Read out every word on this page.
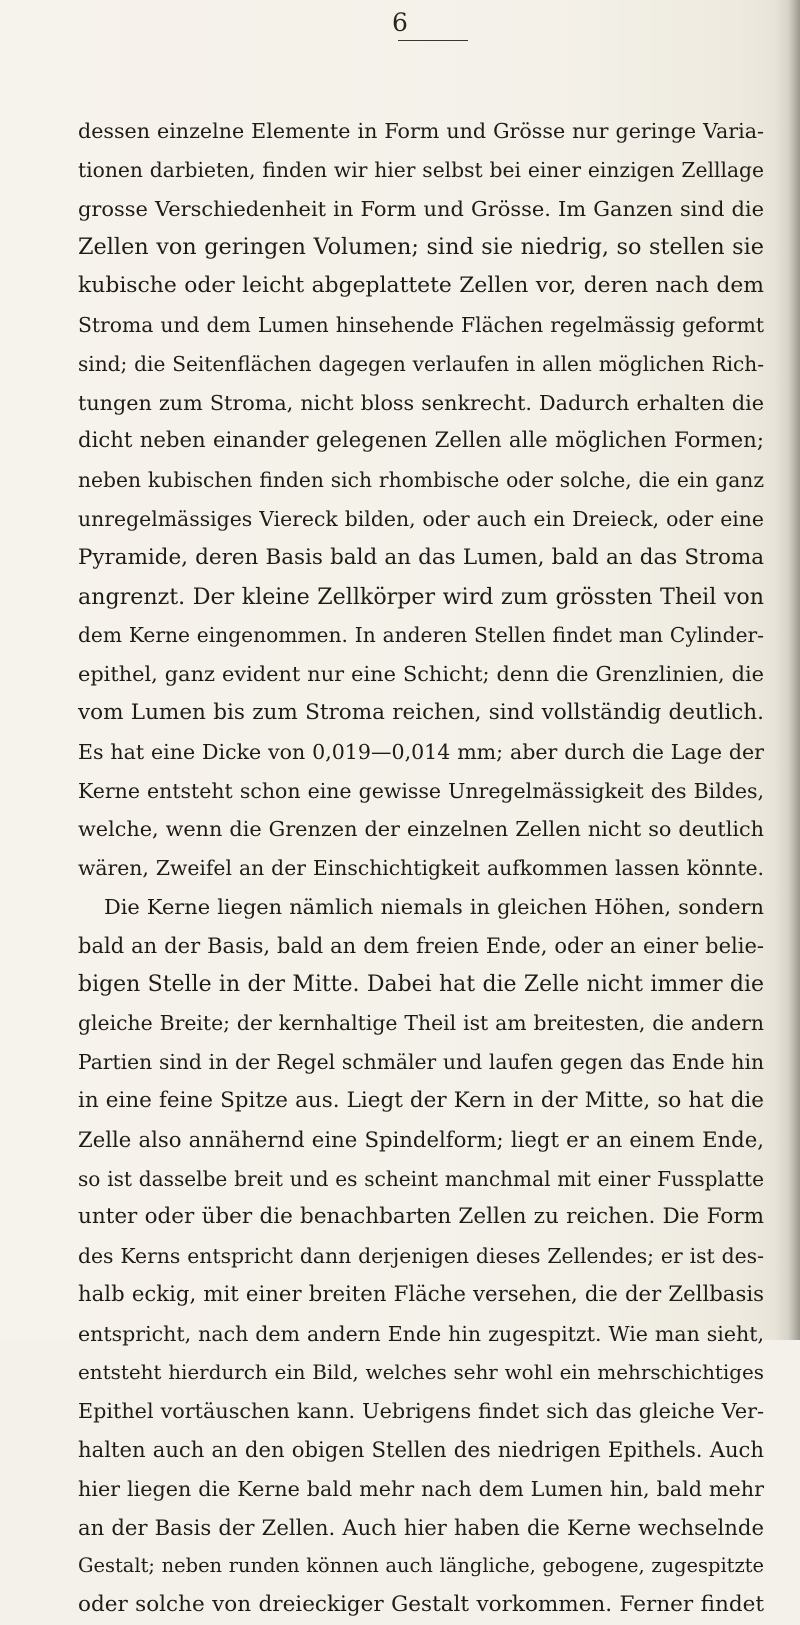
6
dessen einzelne Elemente in Form und Grösse nur geringe Varia-
tionen darbieten, finden wir hier selbst bei einer einzigen Zelllage
grosse Verschiedenheit in Form und Grösse. Im Ganzen sind die
Zellen von geringen Volumen; sind sie niedrig, so stellen sie
kubische oder leicht abgeplattete Zellen vor, deren nach dem
Stroma und dem Lumen hinsehende Flächen regelmässig geformt
sind; die Seitenflächen dagegen verlaufen in allen möglichen Rich-
tungen zum Stroma, nicht bloss senkrecht. Dadurch erhalten die
dicht neben einander gelegenen Zellen alle möglichen Formen;
neben kubischen finden sich rhombische oder solche, die ein ganz
unregelmässiges Viereck bilden, oder auch ein Dreieck, oder eine
Pyramide, deren Basis bald an das Lumen, bald an das Stroma
angrenzt. Der kleine Zellkörper wird zum grössten Theil von
dem Kerne eingenommen. In anderen Stellen findet man Cylinder-
epithel, ganz evident nur eine Schicht; denn die Grenzlinien, die
vom Lumen bis zum Stroma reichen, sind vollständig deutlich.
Es hat eine Dicke von 0,019—0,014 mm; aber durch die Lage der
Kerne entsteht schon eine gewisse Unregelmässigkeit des Bildes,
welche, wenn die Grenzen der einzelnen Zellen nicht so deutlich
wären, Zweifel an der Einschichtigkeit aufkommen lassen könnte.
Die Kerne liegen nämlich niemals in gleichen Höhen, sondern
bald an der Basis, bald an dem freien Ende, oder an einer belie-
bigen Stelle in der Mitte. Dabei hat die Zelle nicht immer die
gleiche Breite; der kernhaltige Theil ist am breitesten, die andern
Partien sind in der Regel schmäler und laufen gegen das Ende hin
in eine feine Spitze aus. Liegt der Kern in der Mitte, so hat die
Zelle also annähernd eine Spindelform; liegt er an einem Ende,
so ist dasselbe breit und es scheint manchmal mit einer Fussplatte
unter oder über die benachbarten Zellen zu reichen. Die Form
des Kerns entspricht dann derjenigen dieses Zellendes; er ist des-
halb eckig, mit einer breiten Fläche versehen, die der Zellbasis
entspricht, nach dem andern Ende hin zugespitzt. Wie man sieht,
entsteht hierdurch ein Bild, welches sehr wohl ein mehrschichtiges
Epithel vortäuschen kann. Uebrigens findet sich das gleiche Ver-
halten auch an den obigen Stellen des niedrigen Epithels. Auch
hier liegen die Kerne bald mehr nach dem Lumen hin, bald mehr
an der Basis der Zellen. Auch hier haben die Kerne wechselnde
Gestalt; neben runden können auch längliche, gebogene, zugespitzte
oder solche von dreieckiger Gestalt vorkommen. Ferner findet
